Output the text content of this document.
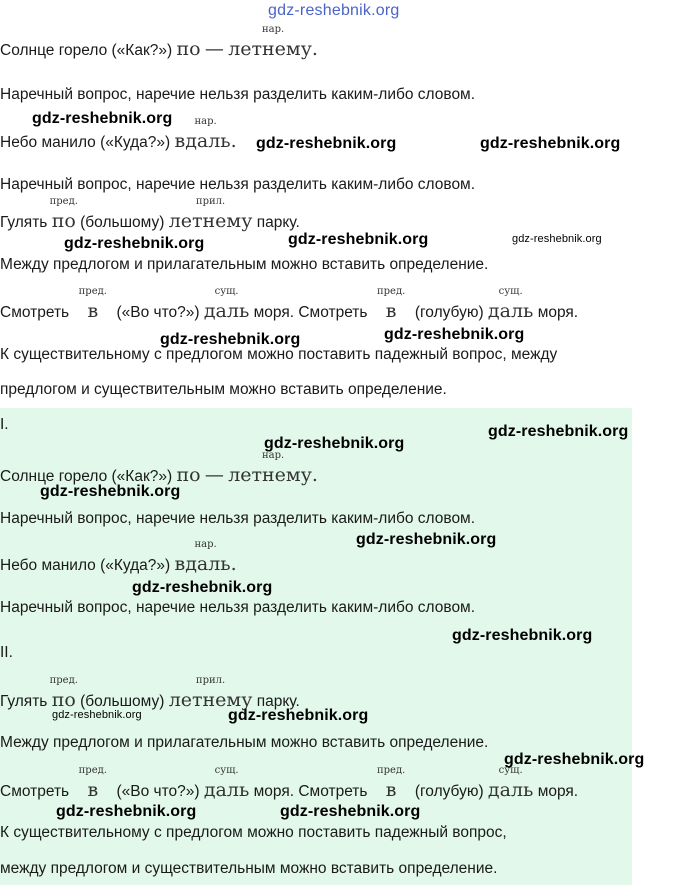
gdz-reshebnik.org
Солнце горело («Как?») по —
нар.
летнему.
Наречный вопрос, наречие нельзя разделить каким-либо словом.
Небо манило («Куда?»)
нар.
вдаль.
Наречный вопрос, наречие нельзя разделить каким-либо словом.
Гулять
пред.
по (большому)
прил.
летнему парку.
Между предлогом и прилагательным можно вставить определение.
Смотреть
пред.
в («Во что?»)
сущ.
даль моря. Смотреть
пред.
в (голубую)
сущ.
даль моря.
К существительному с предлогом можно поставить падежный вопрос, между
предлогом и существительным можно вставить определение.
I.
Солнце горело («Как?») по —
нар.
летнему.
Наречный вопрос, наречие нельзя разделить каким-либо словом.
Небо манило («Куда?»)
нар.
вдаль.
Наречный вопрос, наречие нельзя разделить каким-либо словом.
II.
Гулять
пред.
по (большому)
прил.
летнему парку.
Между предлогом и прилагательным можно вставить определение.
Смотреть
пред.
в («Во что?»)
сущ.
даль моря. Смотреть
пред.
в (голубую)
сущ.
даль моря.
К существительному с предлогом можно поставить падежный вопрос,
между предлогом и существительным можно вставить определение.
gdz-reshebnik.org
gdz-reshebnik.org	gdz-reshebnik.org
gdz-reshebnik.org	gdz-reshebnik.org	gdz-reshebnik.org
gdz-reshebnik.org	gdz-reshebnik.org
gdz-reshebnik.org
gdz-reshebnik.org
gdz-reshebnik.org
gdz-reshebnik.org
gdz-reshebnik.org
gdz-reshebnik.org
gdz-reshebnik.org	gdz-reshebnik.org
gdz-reshebnik.org
gdz-reshebnik.org	gdz-reshebnik.org
